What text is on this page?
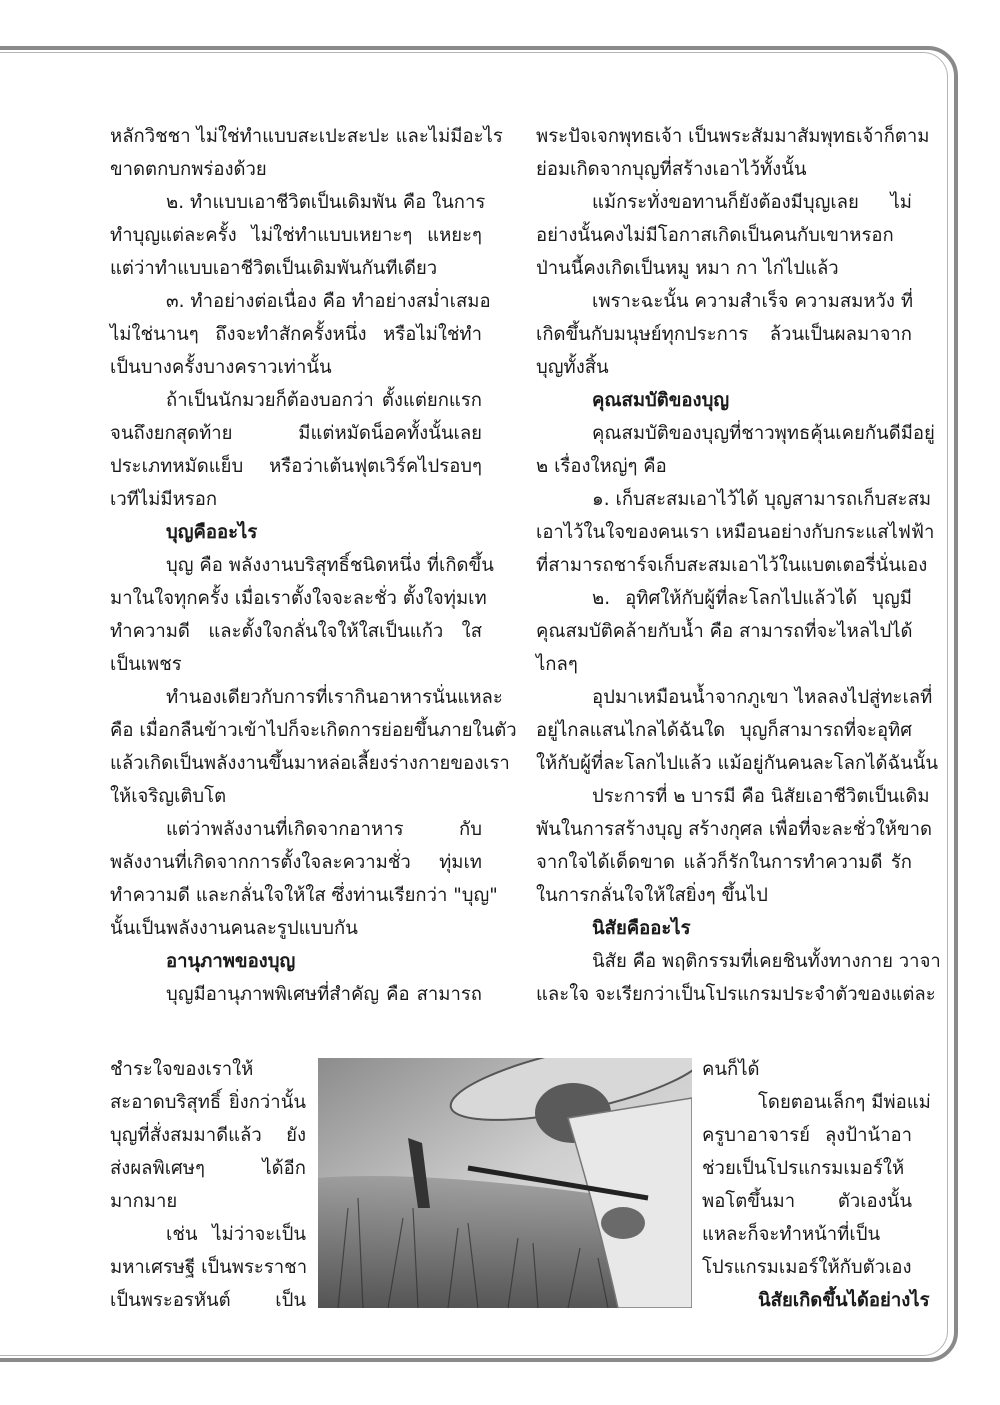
หลักวิชชา ไม่ใช่ทำแบบสะเปะสะปะ และไม่มีอะไร

ขาดตกบกพร่องด้วย

๒. ทำแบบเอาชีวิตเป็นเดิมพัน คือ ในการ

ทำบุญแต่ละครั้ง ไม่ใช่ทำแบบเหยาะๆ แหยะๆ

แต่ว่าทำแบบเอาชีวิตเป็นเดิมพันกันทีเดียว

๓. ทำอย่างต่อเนื่อง คือ ทำอย่างสม่ำเสมอ

ไม่ใช่นานๆ ถึงจะทำสักครั้งหนึ่ง หรือไม่ใช่ทำ

เป็นบางครั้งบางคราวเท่านั้น

ถ้าเป็นนักมวยก็ต้องบอกว่า ตั้งแต่ยกแรก

จนถึงยกสุดท้าย มีแต่หมัดน็อคทั้งนั้นเลย

ประเภทหมัดแย็บ หรือว่าเต้นฟุตเวิร์คไปรอบๆ

เวทีไม่มีหรอก

บุญคืออะไร

บุญ คือ พลังงานบริสุทธิ์ชนิดหนึ่ง ที่เกิดขึ้น

มาในใจทุกครั้ง เมื่อเราตั้งใจจะละชั่ว ตั้งใจทุ่มเท

ทำความดี และตั้งใจกลั่นใจให้ใสเป็นแก้ว ใส

เป็นเพชร

ทำนองเดียวกับการที่เรากินอาหารนั่นแหละ

คือ เมื่อกลืนข้าวเข้าไปก็จะเกิดการย่อยขึ้นภายในตัว

แล้วเกิดเป็นพลังงานขึ้นมาหล่อเลี้ยงร่างกายของเรา

ให้เจริญเติบโต

แต่ว่าพลังงานที่เกิดจากอาหาร กับ

พลังงานที่เกิดจากการตั้งใจละความชั่ว ทุ่มเท

ทำความดี และกลั่นใจให้ใส ซึ่งท่านเรียกว่า "บุญ"

นั้นเป็นพลังงานคนละรูปแบบกัน

อานุภาพของบุญ

บุญมีอานุภาพพิเศษที่สำคัญ คือ สามารถ

พระปัจเจกพุทธเจ้า เป็นพระสัมมาสัมพุทธเจ้าก็ตาม

ย่อมเกิดจากบุญที่สร้างเอาไว้ทั้งนั้น

แม้กระทั่งขอทานก็ยังต้องมีบุญเลย ไม่

อย่างนั้นคงไม่มีโอกาสเกิดเป็นคนกับเขาหรอก

ป่านนี้คงเกิดเป็นหมู หมา กา ไก่ไปแล้ว

เพราะฉะนั้น ความสำเร็จ ความสมหวัง ที่

เกิดขึ้นกับมนุษย์ทุกประการ ล้วนเป็นผลมาจาก

บุญทั้งสิ้น

คุณสมบัติของบุญ

คุณสมบัติของบุญที่ชาวพุทธคุ้นเคยกันดีมีอยู่

๒ เรื่องใหญ่ๆ คือ

๑. เก็บสะสมเอาไว้ได้ บุญสามารถเก็บสะสม

เอาไว้ในใจของคนเรา เหมือนอย่างกับกระแสไฟฟ้า

ที่สามารถชาร์จเก็บสะสมเอาไว้ในแบตเตอรี่นั่นเอง

๒. อุทิศให้กับผู้ที่ละโลกไปแล้วได้ บุญมี

คุณสมบัติคล้ายกับน้ำ คือ สามารถที่จะไหลไปได้

ไกลๆ

อุปมาเหมือนน้ำจากภูเขา ไหลลงไปสู่ทะเลที่

อยู่ไกลแสนไกลได้ฉันใด บุญก็สามารถที่จะอุทิศ

ให้กับผู้ที่ละโลกไปแล้ว แม้อยู่กันคนละโลกได้ฉันนั้น

ประการที่ ๒ บารมี คือ นิสัยเอาชีวิตเป็นเดิม

พันในการสร้างบุญ สร้างกุศล เพื่อที่จะละชั่วให้ขาด

จากใจได้เด็ดขาด แล้วก็รักในการทำความดี รัก

ในการกลั่นใจให้ใสยิ่งๆ ขึ้นไป

นิสัยคืออะไร

นิสัย คือ พฤติกรรมที่เคยชินทั้งทางกาย วาจา

และใจ จะเรียกว่าเป็นโปรแกรมประจำตัวของแต่ละ

ชำระใจของเราให้

สะอาดบริสุทธิ์ ยิ่งกว่านั้น

บุญที่สั่งสมมาดีแล้ว ยัง

ส่งผลพิเศษๆ ได้อีก

มากมาย

เช่น ไม่ว่าจะเป็น

มหาเศรษฐี เป็นพระราชา

เป็นพระอรหันต์ เป็น

คนก็ได้

โดยตอนเล็กๆ มีพ่อแม่

ครูบาอาจารย์ ลุงป้าน้าอา

ช่วยเป็นโปรแกรมเมอร์ให้

พอโตขึ้นมา ตัวเองนั้น

แหละก็จะทำหน้าที่เป็น

โปรแกรมเมอร์ให้กับตัวเอง

นิสัยเกิดขึ้นได้อย่างไร
